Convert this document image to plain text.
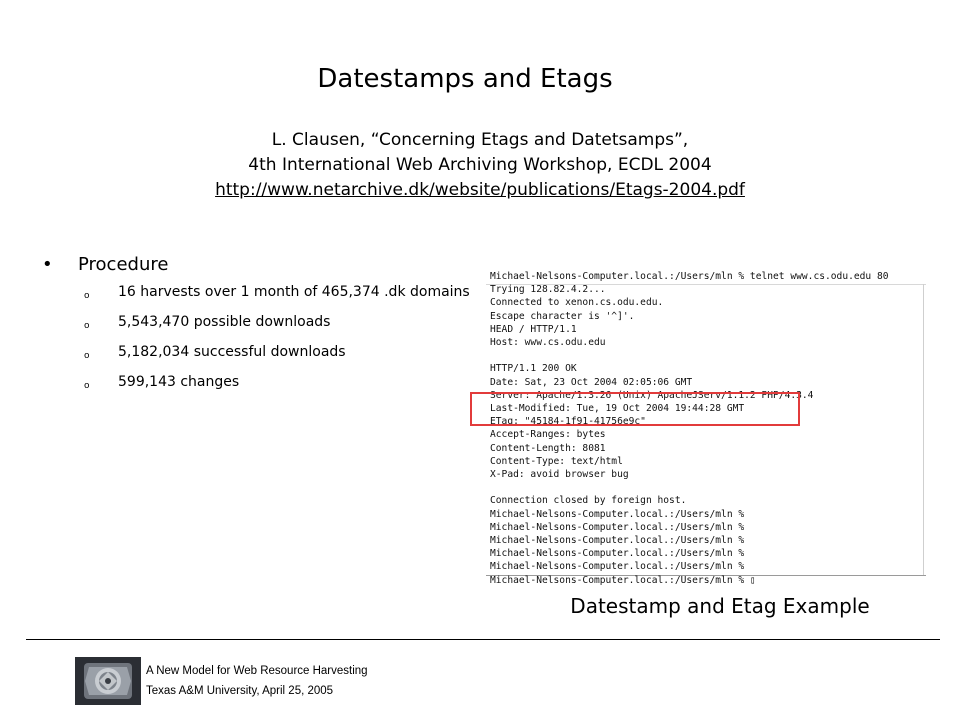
Datestamps and Etags
L. Clausen, “Concerning Etags and Datetsamps”,
4th International Web Archiving Workshop, ECDL 2004
http://www.netarchive.dk/website/publications/Etags-2004.pdf
•	Procedure
o	16 harvests over 1 month of 465,374 .dk domains
o	5,543,470 possible downloads
o	5,182,034 successful downloads
o	599,143 changes
Michael-Nelsons-Computer.local.:/Users/mln % telnet www.cs.odu.edu 80
Trying 128.82.4.2...
Connected to xenon.cs.odu.edu.
Escape character is '^]'.
HEAD / HTTP/1.1
Host: www.cs.odu.edu

HTTP/1.1 200 OK
Date: Sat, 23 Oct 2004 02:05:06 GMT
Server: Apache/1.3.26 (Unix) ApacheJServ/1.1.2 PHP/4.3.4
Last-Modified: Tue, 19 Oct 2004 19:44:28 GMT
ETag: "45184-1f91-41756e9c"
Accept-Ranges: bytes
Content-Length: 8081
Content-Type: text/html
X-Pad: avoid browser bug

Connection closed by foreign host.
Michael-Nelsons-Computer.local.:/Users/mln %
Michael-Nelsons-Computer.local.:/Users/mln %
Michael-Nelsons-Computer.local.:/Users/mln %
Michael-Nelsons-Computer.local.:/Users/mln %
Michael-Nelsons-Computer.local.:/Users/mln %
Michael-Nelsons-Computer.local.:/Users/mln % ▯
Datestamp and Etag Example
A New Model for Web Resource Harvesting
Texas A&M University, April 25, 2005
